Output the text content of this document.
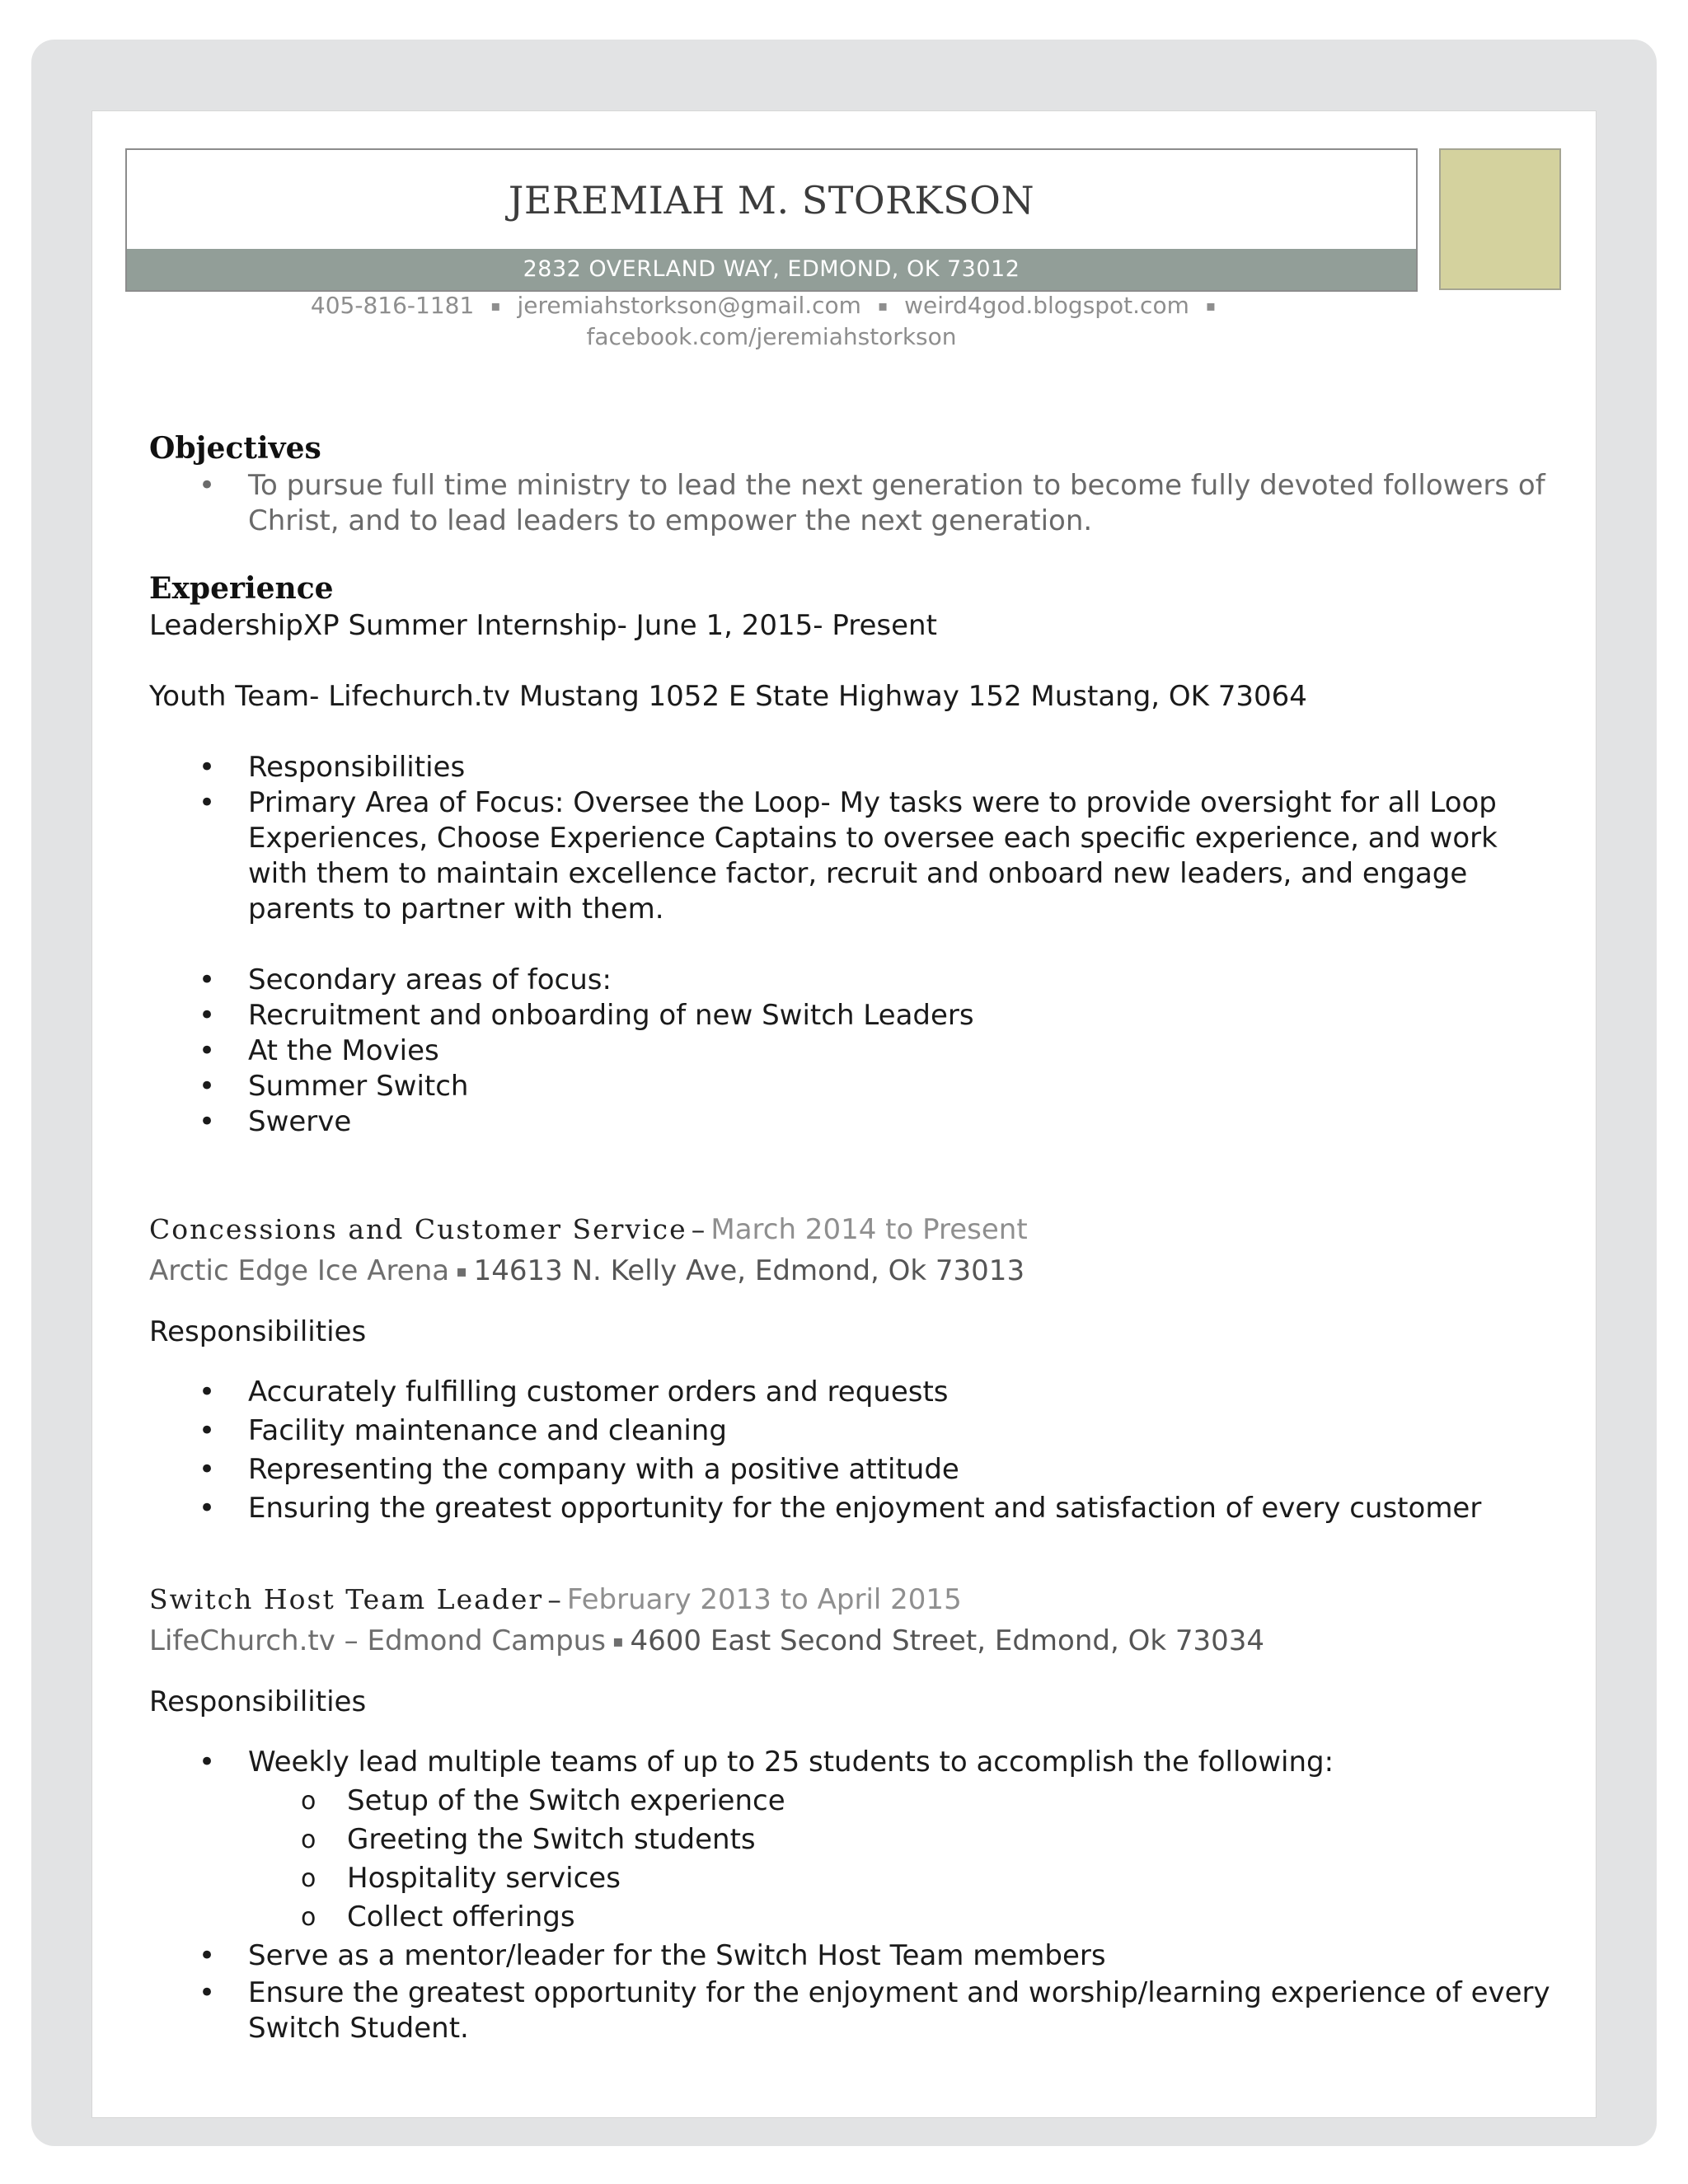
JEREMIAH M. STORKSON
2832 OVERLAND WAY, EDMOND, OK 73012
405-816-1181 ▪ jeremiahstorkson@gmail.com ▪ weird4god.blogspot.com ▪
facebook.com/jeremiahstorkson
Objectives
• To pursue full time ministry to lead the next generation to become fully devoted followers of Christ, and to lead leaders to empower the next generation.
Experience

LeadershipXP Summer Internship- June 1, 2015- Present

Youth Team- Lifechurch.tv Mustang 1052 E State Highway 152 Mustang, OK 73064

• Responsibilities
• Primary Area of Focus: Oversee the Loop- My tasks were to provide oversight for all Loop Experiences, Choose Experience Captains to oversee each specific experience, and work with them to maintain excellence factor, recruit and onboard new leaders, and engage parents to partner with them.
• Secondary areas of focus:
• Recruitment and onboarding of new Switch Leaders
• At the Movies
• Summer Switch
• Swerve
Concessions and Customer Service – March 2014 to Present
Arctic Edge Ice Arena ▪ 14613 N. Kelly Ave, Edmond, Ok 73013

Responsibilities

• Accurately fulfilling customer orders and requests
• Facility maintenance and cleaning
• Representing the company with a positive attitude
• Ensuring the greatest opportunity for the enjoyment and satisfaction of every customer
Switch Host Team Leader – February 2013 to April 2015
LifeChurch.tv – Edmond Campus ▪ 4600 East Second Street, Edmond, Ok 73034

Responsibilities

• Weekly lead multiple teams of up to 25 students to accomplish the following:
o Setup of the Switch experience
o Greeting the Switch students
o Hospitality services
o Collect offerings
• Serve as a mentor/leader for the Switch Host Team members
• Ensure the greatest opportunity for the enjoyment and worship/learning experience of every Switch Student.
